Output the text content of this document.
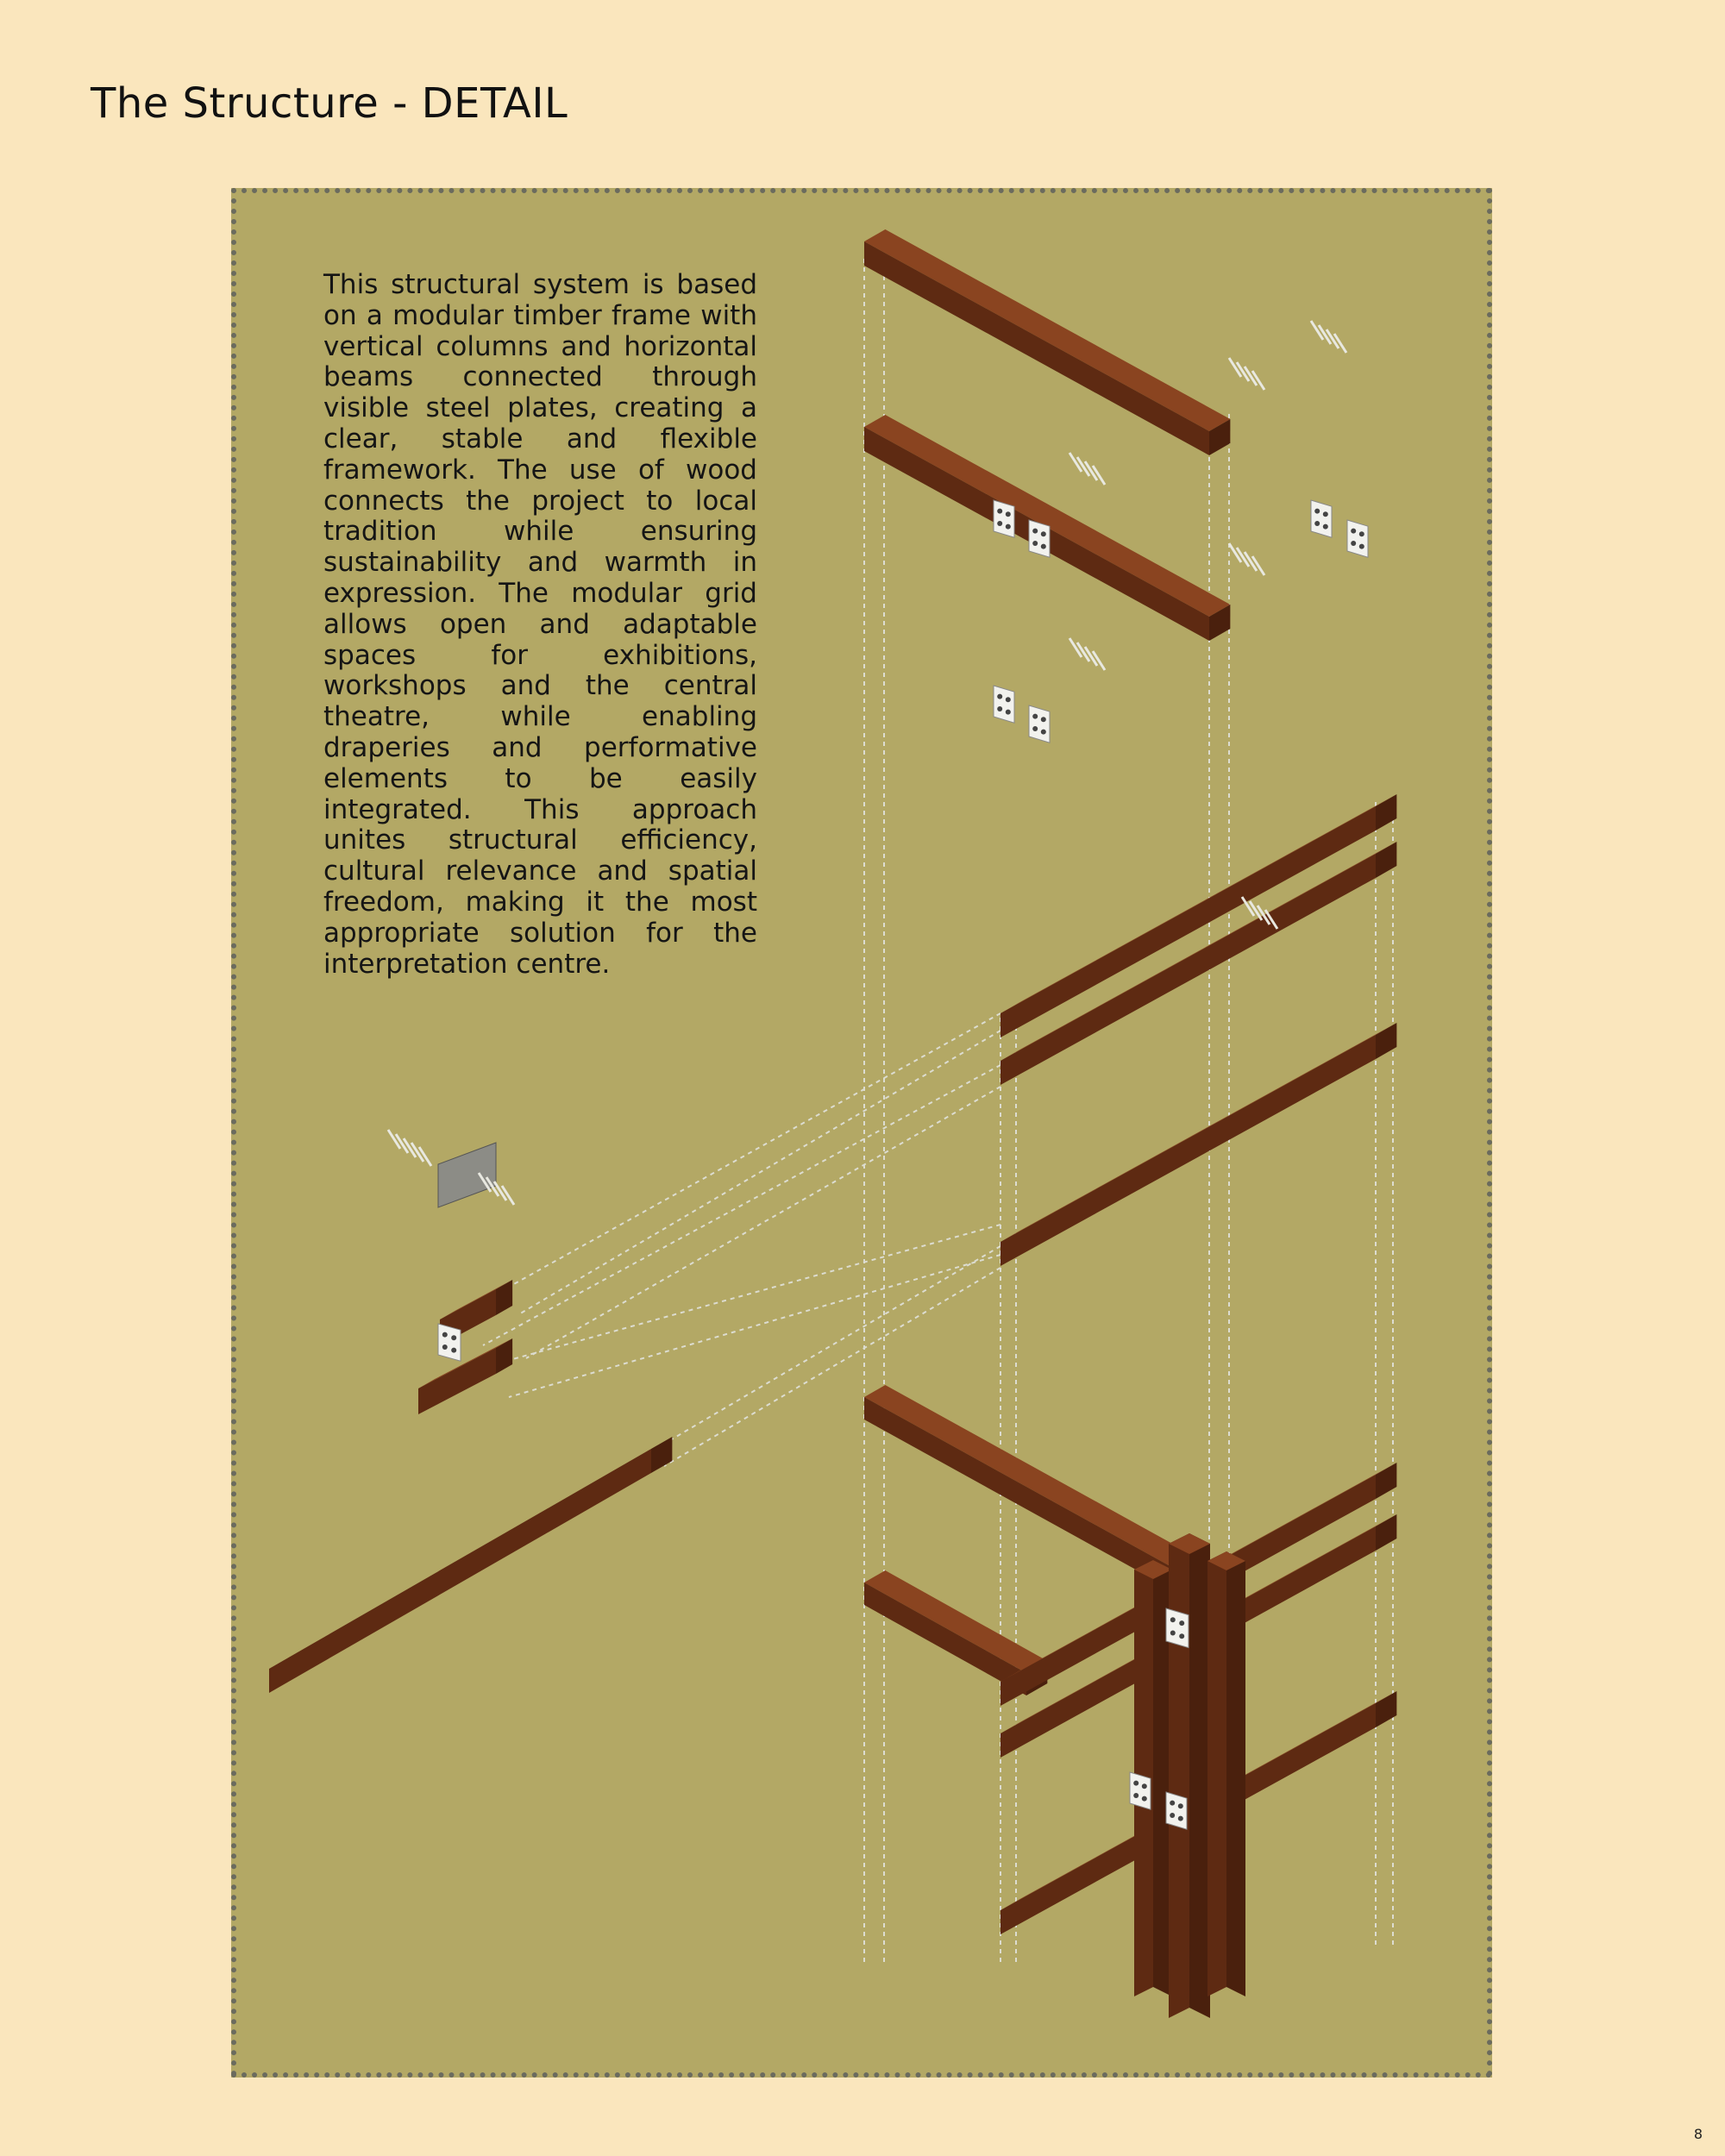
The Structure - DETAIL

This structural system is based on a modular timber frame with vertical columns and horizontal beams connected through visible steel plates, creating a clear, stable and flexible framework. The use of wood connects the project to local tradition while ensuring sustainability and warmth in expression. The modular grid allows open and adaptable spaces for exhibitions, workshops and the central theatre, while enabling draperies and performative elements to be easily integrated. This approach unites structural efficiency, cultural relevance and spatial freedom, making it the most appropriate solution for the interpretation centre.

8
